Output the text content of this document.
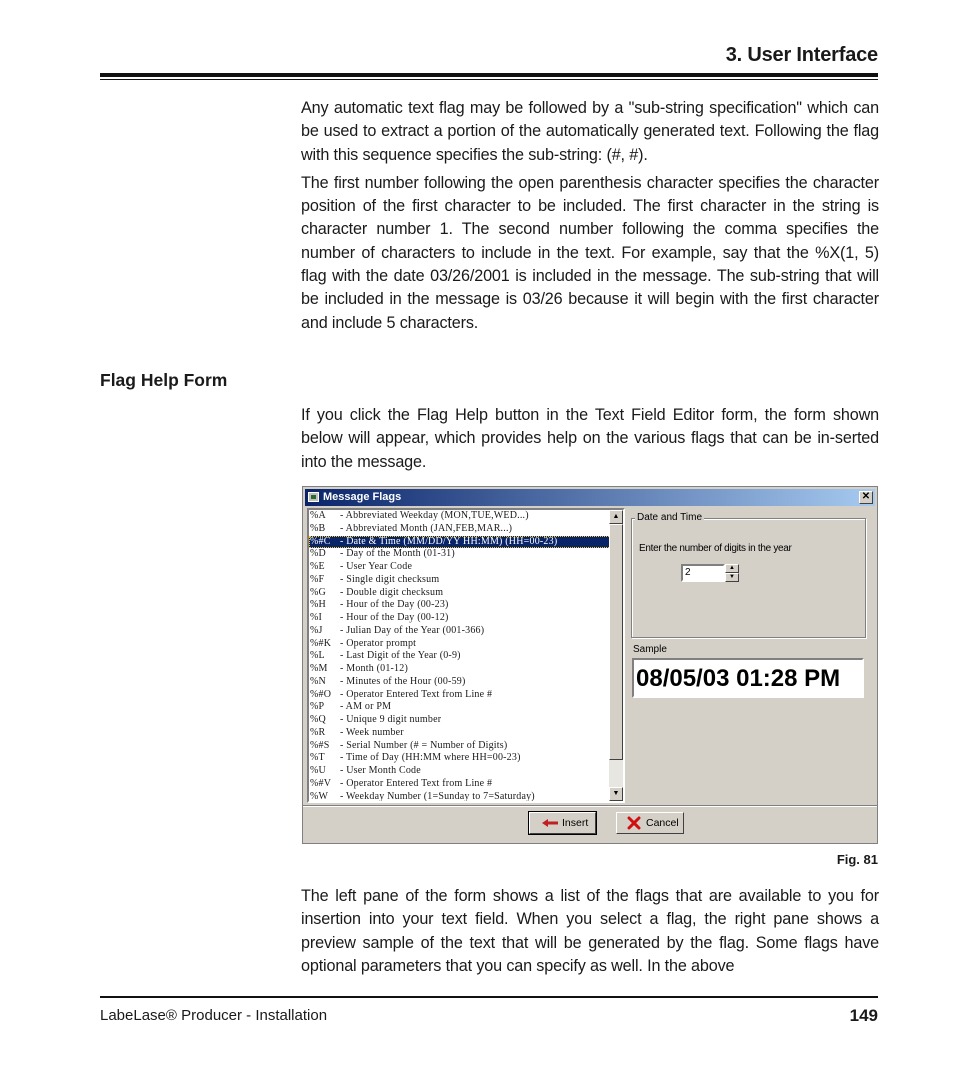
3. User Interface

Any automatic text flag may be followed by a "sub-string specification" which can be used to extract a portion of the automatically generated text. Following the flag with this sequence specifies the sub-string: (#, #).

The first number following the open parenthesis character specifies the character position of the first character to be included. The first character in the string is character number 1. The second number following the comma specifies the number of characters to include in the text. For example, say that the %X(1, 5) flag with the date 03/26/2001 is included in the message. The sub-string that will be included in the message is 03/26 because it will begin with the first character and include 5 characters.

Flag Help Form

If you click the Flag Help button in the Text Field Editor form, the form shown below will appear, which provides help on the various flags that can be in-serted into the message.

Message Flags	✕
%A - Abbreviated Weekday (MON,TUE,WED...)
%B - Abbreviated Month (JAN,FEB,MAR...)
%#C - Date & Time (MM/DD/YY HH:MM) (HH=00-23)
%D - Day of the Month (01-31)
%E - User Year Code
%F - Single digit checksum
%G - Double digit checksum
%H - Hour of the Day (00-23)
%I - Hour of the Day (00-12)
%J - Julian Day of the Year (001-366)
%#K - Operator prompt
%L - Last Digit of the Year (0-9)
%M - Month (01-12)
%N - Minutes of the Hour (00-59)
%#O - Operator Entered Text from Line #
%P - AM or PM
%Q - Unique 9 digit number
%R - Week number
%#S - Serial Number (# = Number of Digits)
%T - Time of Day (HH:MM where HH=00-23)
%U - User Month Code
%#V - Operator Entered Text from Line #
%W - Weekday Number (1=Sunday to 7=Saturday)
▲
▼
Date and Time
Enter the number of digits in the year
2	▲
▼
Sample
08/05/03 01:28 PM
Insert	Cancel
Fig. 81

The left pane of the form shows a list of the flags that are available to you for insertion into your text field. When you select a flag, the right pane shows a preview sample of the text that will be generated by the flag. Some flags have optional parameters that you can specify as well. In the above

LabeLase® Producer - Installation	149
